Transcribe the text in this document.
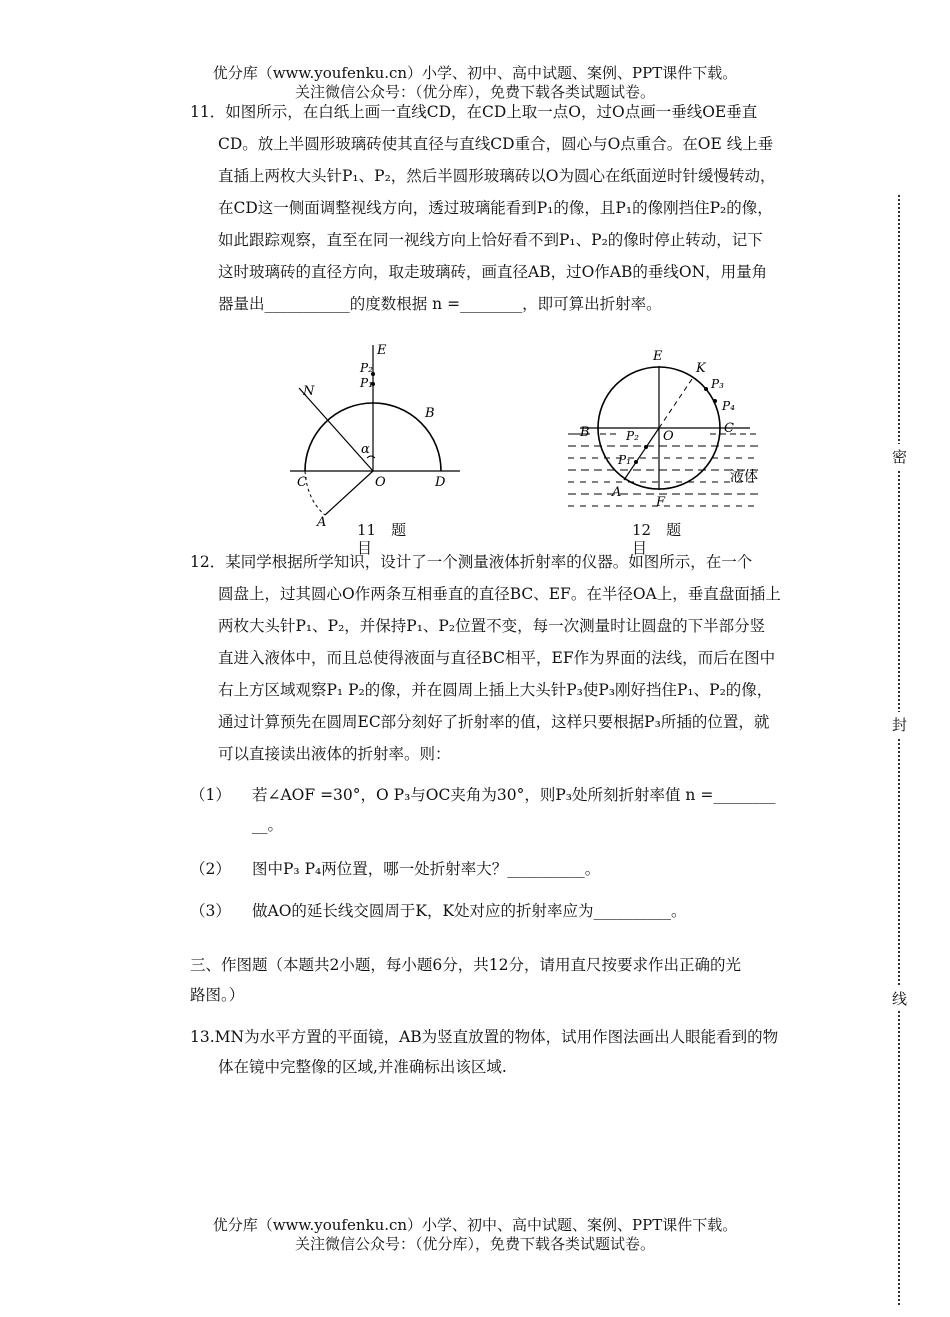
优分库（www.youfenku.cn）小学、初中、高中试题、案例、PPT课件下载。
关注微信公众号：（优分库），免费下载各类试题试卷。
11．如图所示，在白纸上画一直线CD，在CD上取一点O，过O点画一垂线OE垂直
CD。放上半圆形玻璃砖使其直径与直线CD重合，圆心与O点重合。在OE 线上垂
直插上两枚大头针P₁、P₂，然后半圆形玻璃砖以O为圆心在纸面逆时针缓慢转动，
在CD这一侧面调整视线方向，透过玻璃能看到P₁的像，且P₁的像刚挡住P₂的像，
如此跟踪观察，直至在同一视线方向上恰好看不到P₁、P₂的像时停止转动，记下
这时玻璃砖的直径方向，取走玻璃砖，画直径AB，过O作AB的垂线ON，用量角
器量出___________的度数根据 n =________，即可算出折射率。
E
P₂
P₁
N
B
α
C	O	D
A 11　题
目
E
K
P₃
P₄
B	P₂ O
C
P₁
A
F
液体
12　题
目
12．某同学根据所学知识，设计了一个测量液体折射率的仪器。如图所示，在一个
圆盘上，过其圆心O作两条互相垂直的直径BC、EF。在半径OA上，垂直盘面插上
两枚大头针P₁、P₂，并保持P₁、P₂位置不变，每一次测量时让圆盘的下半部分竖
直进入液体中，而且总使得液面与直径BC相平，EF作为界面的法线，而后在图中
右上方区域观察P₁ P₂的像，并在圆周上插上大头针P₃使P₃刚好挡住P₁、P₂的像，
通过计算预先在圆周EC部分刻好了折射率的值，这样只要根据P₃所插的位置，就
可以直接读出液体的折射率。则：
（1） 若∠AOF =30°，O P₃与OC夹角为30°，则P₃处所刻折射率值 n =________
__。
（2） 图中P₃ P₄两位置，哪一处折射率大？__________。
（3） 做AO的延长线交圆周于K，K处对应的折射率应为__________。
三、作图题（本题共2小题，每小题6分，共12分，请用直尺按要求作出正确的光
路图。）
13.MN为水平方置的平面镜，AB为竖直放置的物体，试用作图法画出人眼能看到的物
体在镜中完整像的区域,并准确标出该区域.
优分库（www.youfenku.cn）小学、初中、高中试题、案例、PPT课件下载。
关注微信公众号：（优分库），免费下载各类试题试卷。
密
封
线
